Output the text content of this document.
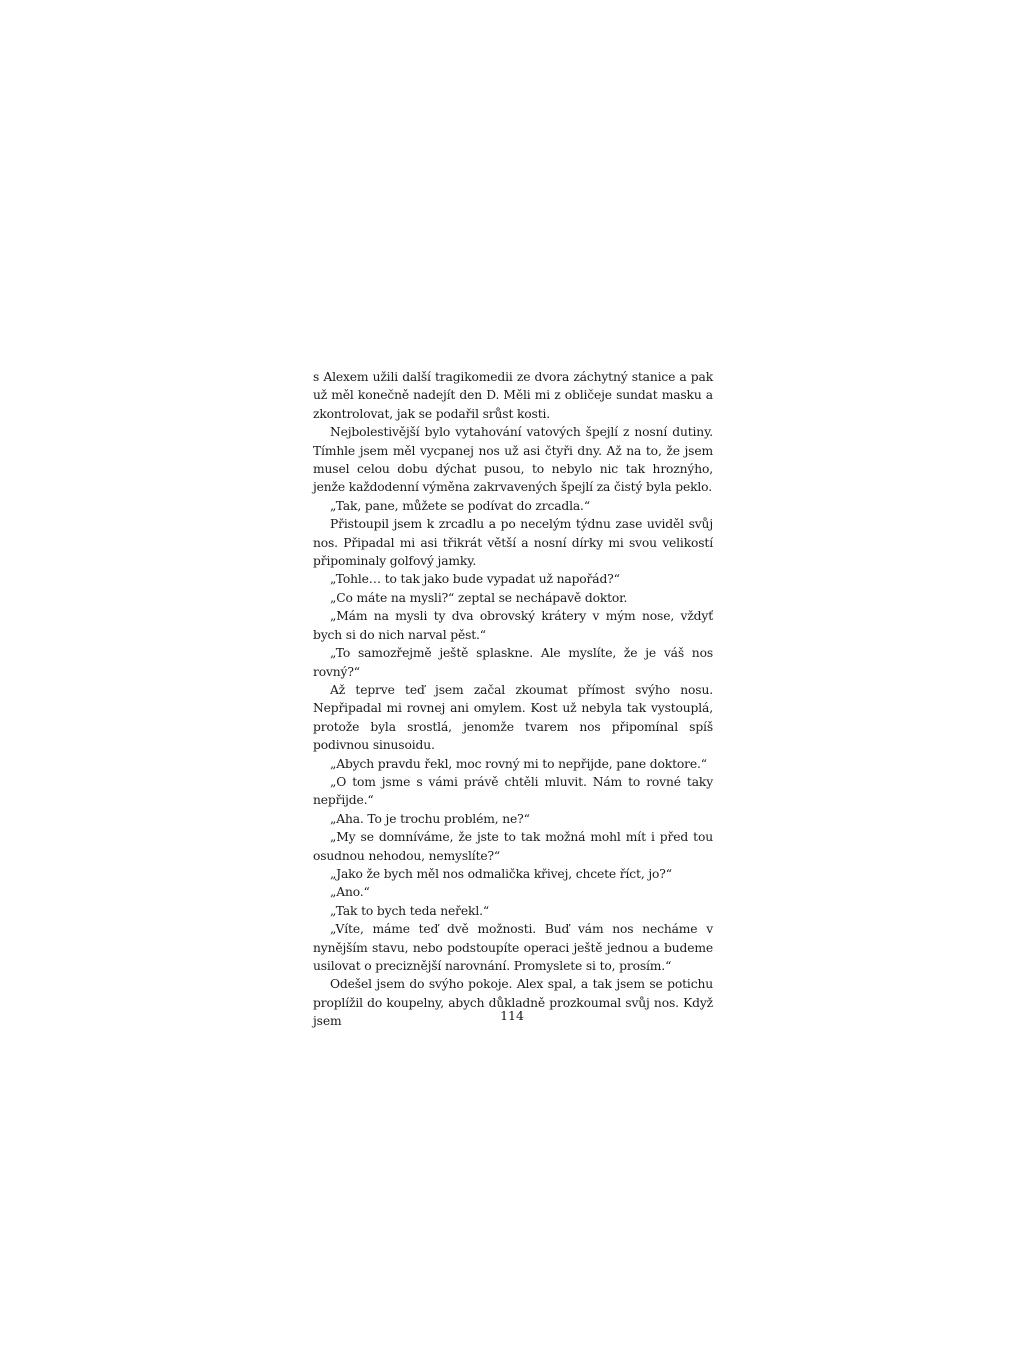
s Alexem užili další tragikomedii ze dvora záchytný stanice a pak už měl konečně nadejít den D. Měli mi z obličeje sundat masku a zkontrolovat, jak se podařil srůst kosti.

Nejbolestivější bylo vytahování vatových špejlí z nosní dutiny. Tímhle jsem měl vycpanej nos už asi čtyři dny. Až na to, že jsem musel celou dobu dýchat pusou, to nebylo nic tak hroznýho, jenže každodenní výměna zakrvavených špejlí za čistý byla peklo.

„Tak, pane, můžete se podívat do zrcadla.“

Přistoupil jsem k zrcadlu a po necelým týdnu zase uviděl svůj nos. Připadal mi asi třikrát větší a nosní dírky mi svou velikostí připominaly golfový jamky.

„Tohle… to tak jako bude vypadat už napořád?“

„Co máte na mysli?“ zeptal se nechápavě doktor.

„Mám na mysli ty dva obrovský krátery v mým nose, vždyť bych si do nich narval pěst.“

„To samozřejmě ještě splaskne. Ale myslíte, že je váš nos rovný?“

Až teprve teď jsem začal zkoumat přímost svýho nosu. Nepřipadal mi rovnej ani omylem. Kost už nebyla tak vystouplá, protože byla srostlá, jenomže tvarem nos připomínal spíš podivnou sinusoidu.

„Abych pravdu řekl, moc rovný mi to nepřijde, pane doktore.“

„O tom jsme s vámi právě chtěli mluvit. Nám to rovné taky nepřijde.“

„Aha. To je trochu problém, ne?“

„My se domníváme, že jste to tak možná mohl mít i před tou osudnou nehodou, nemyslíte?“

„Jako že bych měl nos odmalička křivej, chcete říct, jo?“

„Ano.“

„Tak to bych teda neřekl.“

„Víte, máme teď dvě možnosti. Buď vám nos necháme v nynějším stavu, nebo podstoupíte operaci ještě jednou a budeme usilovat o preciznější narovnání. Promyslete si to, prosím.“

Odešel jsem do svýho pokoje. Alex spal, a tak jsem se potichu proplížil do koupelny, abych důkladně prozkoumal svůj nos. Když jsem	114
